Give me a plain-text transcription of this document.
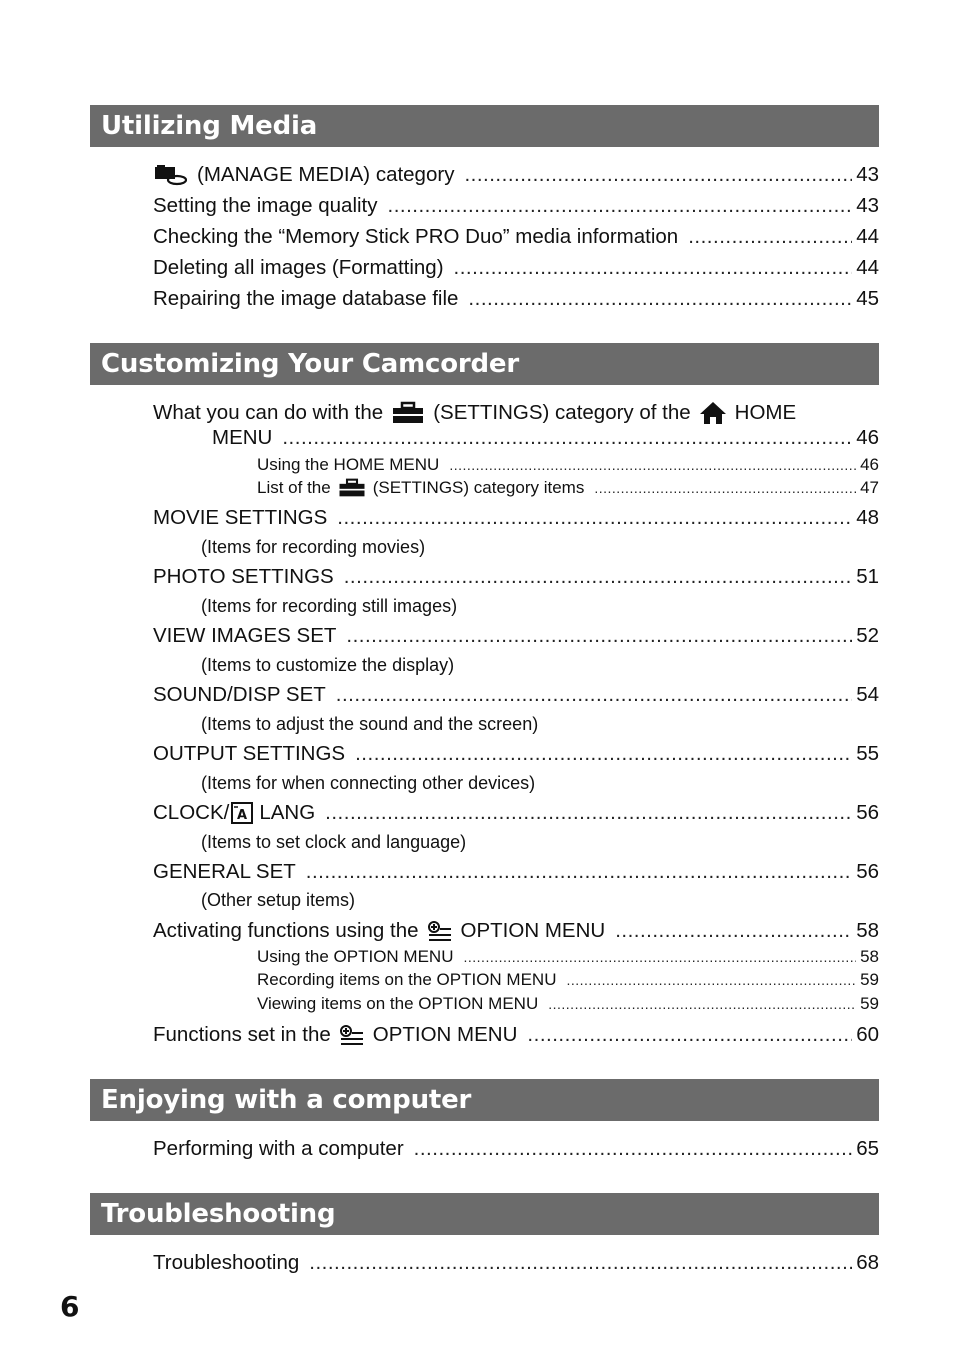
Utilizing Media
(MANAGE MEDIA) category .....	43
Setting the image quality .....	43
Checking the “Memory Stick PRO Duo” media information .....	44
Deleting all images (Formatting) .....	44
Repairing the image database file .....	45
Customizing Your Camcorder
What you can do with the (SETTINGS) category of the HOME
MENU .....	46
Using the HOME MENU .....	46
List of the (SETTINGS) category items .....	47
MOVIE SETTINGS .....	48
(Items for recording movies)
PHOTO SETTINGS .....	51
(Items for recording still images)
VIEW IMAGES SET .....	52
(Items to customize the display)
SOUND/DISP SET .....	54
(Items to adjust the sound and the screen)
OUTPUT SETTINGS .....	55
(Items for when connecting other devices)
CLOCK/ A LANG .....	56
(Items to set clock and language)
GENERAL SET .....	56
(Other setup items)
Activating functions using the OPTION MENU .....	58
Using the OPTION MENU .....	58
Recording items on the OPTION MENU .....	59
Viewing items on the OPTION MENU .....	59
Functions set in the OPTION MENU .....	60
Enjoying with a computer
Performing with a computer .....	65
Troubleshooting
Troubleshooting .....	68
6
